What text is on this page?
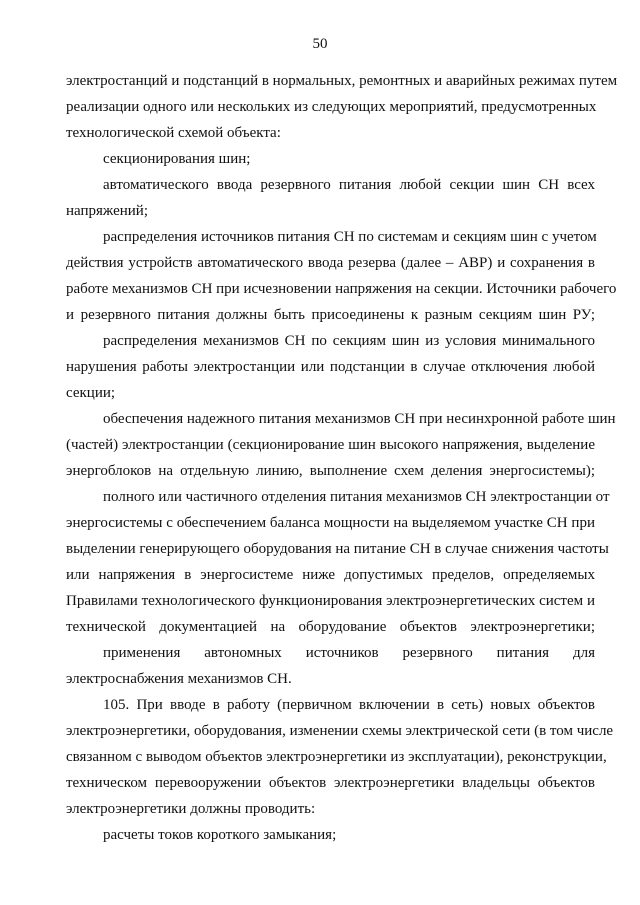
50
электростанций и подстанций в нормальных, ремонтных и аварийных режимах путем
реализации одного или нескольких из следующих мероприятий, предусмотренных
технологической схемой объекта:
секционирования шин;
автоматического ввода резервного питания любой секции шин СН всех
напряжений;
распределения источников питания СН по системам и секциям шин с учетом
действия устройств автоматического ввода резерва (далее – АВР) и сохранения в
работе механизмов СН при исчезновении напряжения на секции. Источники рабочего
и резервного питания должны быть присоединены к разным секциям шин РУ;
распределения механизмов СН по секциям шин из условия минимального
нарушения работы электростанции или подстанции в случае отключения любой
секции;
обеспечения надежного питания механизмов СН при несинхронной работе шин
(частей) электростанции (секционирование шин высокого напряжения, выделение
энергоблоков на отдельную линию, выполнение схем деления энергосистемы);
полного или частичного отделения питания механизмов СН электростанции от
энергосистемы с обеспечением баланса мощности на выделяемом участке СН при
выделении генерирующего оборудования на питание СН в случае снижения частоты
или напряжения в энергосистеме ниже допустимых пределов, определяемых
Правилами технологического функционирования электроэнергетических систем и
технической документацией на оборудование объектов электроэнергетики;
применения автономных источников резервного питания для
электроснабжения механизмов СН.
105. При вводе в работу (первичном включении в сеть) новых объектов
электроэнергетики, оборудования, изменении схемы электрической сети (в том числе
связанном с выводом объектов электроэнергетики из эксплуатации), реконструкции,
техническом перевооружении объектов электроэнергетики владельцы объектов
электроэнергетики должны проводить:
расчеты токов короткого замыкания;
